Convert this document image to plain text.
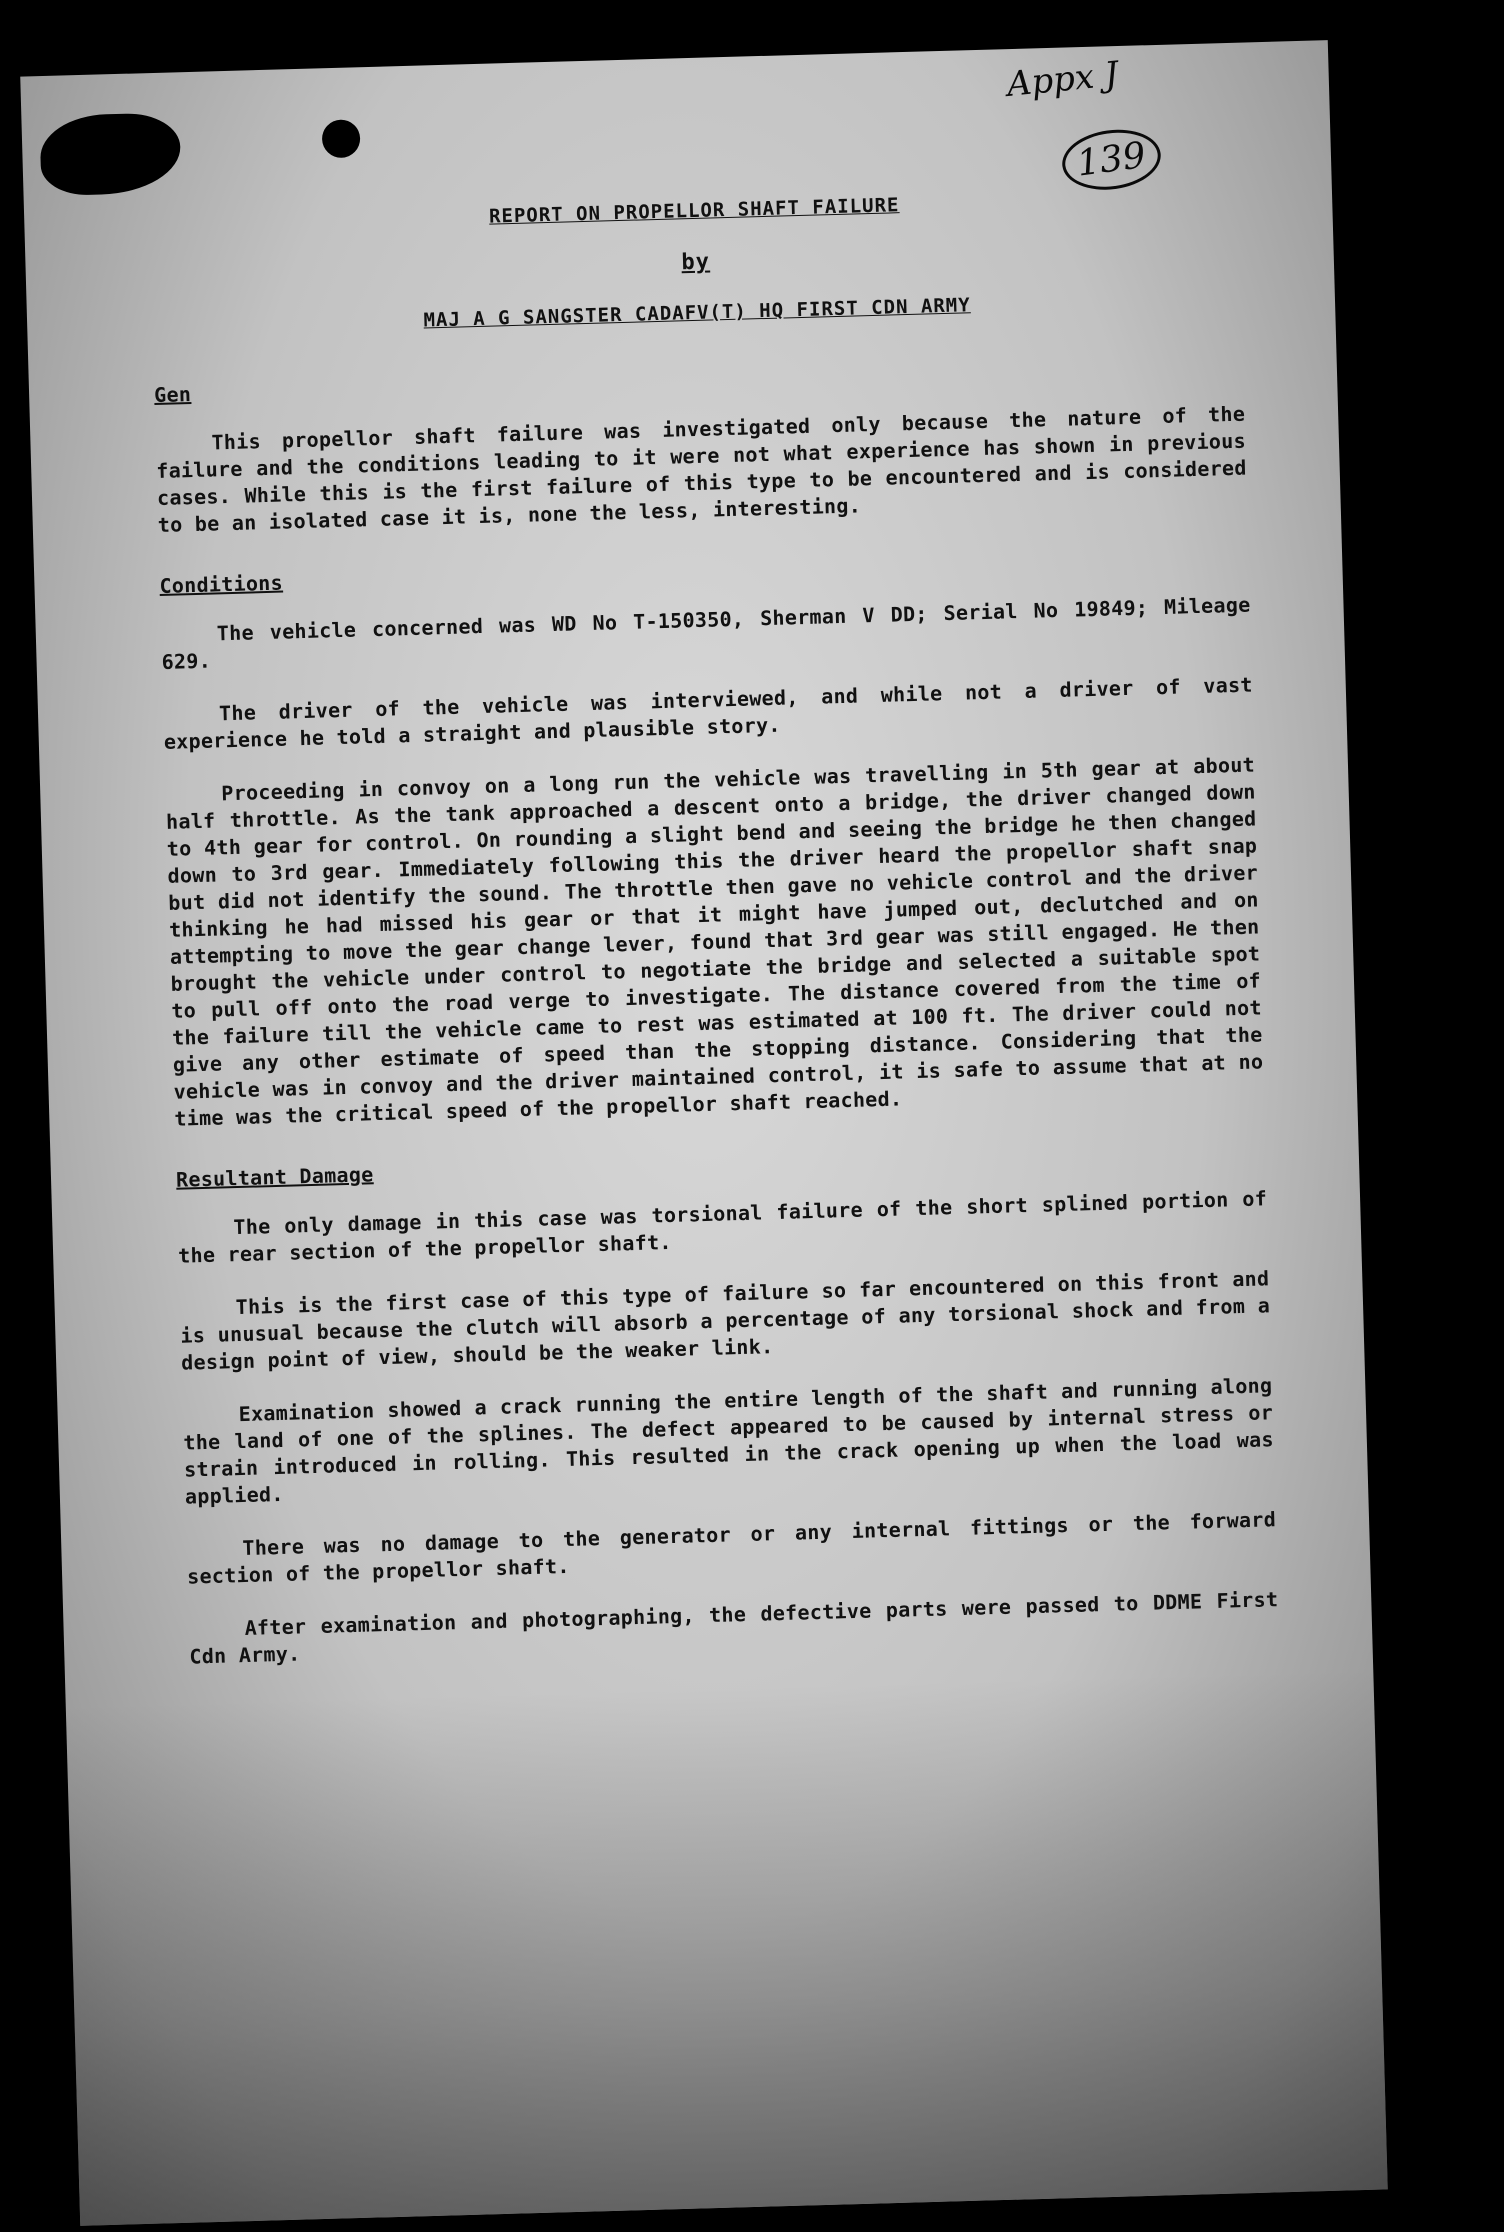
Appx J
139
REPORT ON PROPELLOR SHAFT FAILURE
by
MAJ A G SANGSTER CADAFV(T) HQ FIRST CDN ARMY
Gen

This propellor shaft failure was investigated only because the nature of the failure and the conditions leading to it were not what experience has shown in previous cases. While this is the first failure of this type to be encountered and is considered to be an isolated case it is, none the less, interesting.

Conditions

The vehicle concerned was WD No T-150350, Sherman V DD; Serial No 19849; Mileage 629.

The driver of the vehicle was interviewed, and while not a driver of vast experience he told a straight and plausible story.

Proceeding in convoy on a long run the vehicle was travelling in 5th gear at about half throttle. As the tank approached a descent onto a bridge, the driver changed down to 4th gear for control. On rounding a slight bend and seeing the bridge he then changed down to 3rd gear. Immediately following this the driver heard the propellor shaft snap but did not identify the sound. The throttle then gave no vehicle control and the driver thinking he had missed his gear or that it might have jumped out, declutched and on attempting to move the gear change lever, found that 3rd gear was still engaged. He then brought the vehicle under control to negotiate the bridge and selected a suitable spot to pull off onto the road verge to investigate. The distance covered from the time of the failure till the vehicle came to rest was estimated at 100 ft. The driver could not give any other estimate of speed than the stopping distance. Considering that the vehicle was in convoy and the driver maintained control, it is safe to assume that at no time was the critical speed of the propellor shaft reached.

Resultant Damage

The only damage in this case was torsional failure of the short splined portion of the rear section of the propellor shaft.

This is the first case of this type of failure so far encountered on this front and is unusual because the clutch will absorb a percentage of any torsional shock and from a design point of view, should be the weaker link.

Examination showed a crack running the entire length of the shaft and running along the land of one of the splines. The defect appeared to be caused by internal stress or strain introduced in rolling. This resulted in the crack opening up when the load was applied.

There was no damage to the generator or any internal fittings or the forward section of the propellor shaft.

After examination and photographing, the defective parts were passed to DDME First Cdn Army.
